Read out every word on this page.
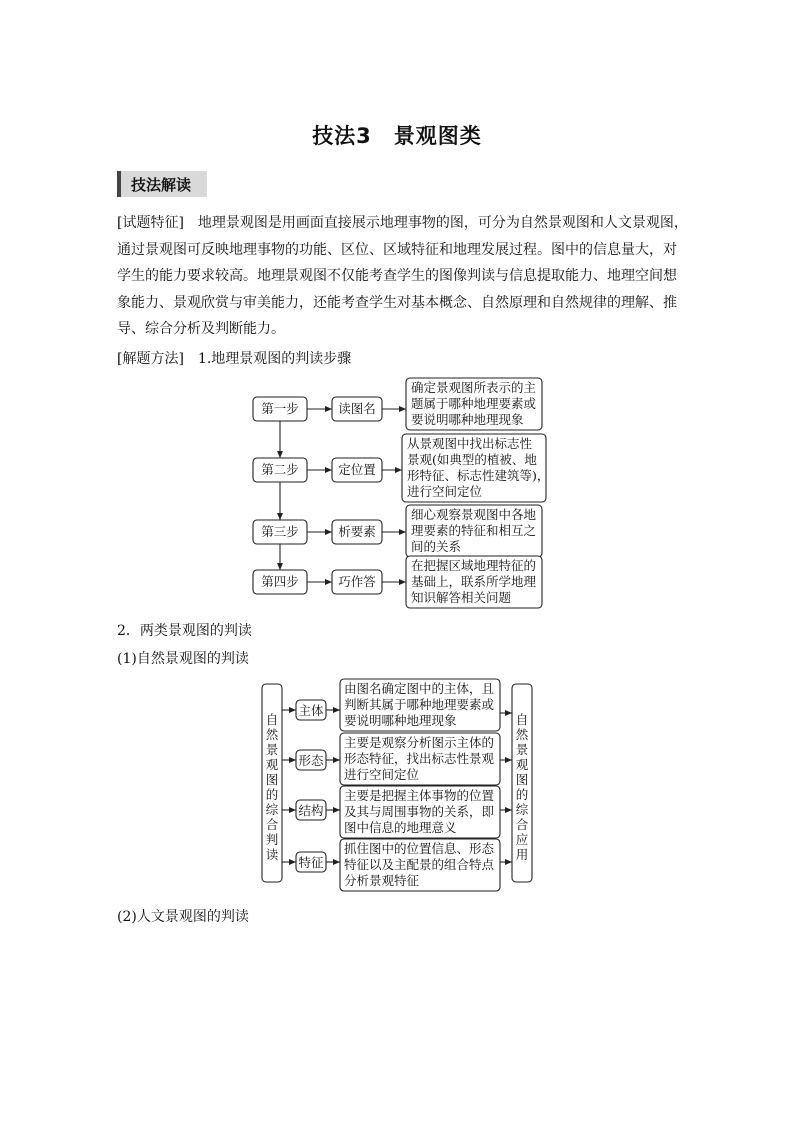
技法3　景观图类
技法解读
[试题特征]　地理景观图是用画面直接展示地理事物的图，可分为自然景观图和人文景观图，
通过景观图可反映地理事物的功能、区位、区域特征和地理发展过程。图中的信息量大，对
学生的能力要求较高。地理景观图不仅能考查学生的图像判读与信息提取能力、地理空间想
象能力、景观欣赏与审美能力，还能考查学生对基本概念、自然原理和自然规律的理解、推
导、综合分析及判断能力。
[解题方法]　1.地理景观图的判读步骤
第一步	读图名
确定景观图所表示的主
题属于哪种地理要素或
要说明哪种地理现象
第二步	定位置
从景观图中找出标志性
景观(如典型的植被、地
形特征、标志性建筑等)，
进行空间定位
第三步	析要素
细心观察景观图中各地
理要素的特征和相互之
间的关系
第四步	巧作答
在把握区域地理特征的
基础上，联系所学地理
知识解答相关问题
2．两类景观图的判读
(1)自然景观图的判读
自
然
景
观
图
的
综
合
判
读
自
然
景
观
图
的
综
合
应
用
主体
由图名确定图中的主体，且
判断其属于哪种地理要素或
要说明哪种地理现象
形态
主要是观察分析图示主体的
形态特征，找出标志性景观
进行空间定位
结构
主要是把握主体事物的位置
及其与周围事物的关系，即
图中信息的地理意义
特征
抓住图中的位置信息、形态
特征以及主配景的组合特点
分析景观特征
(2)人文景观图的判读
